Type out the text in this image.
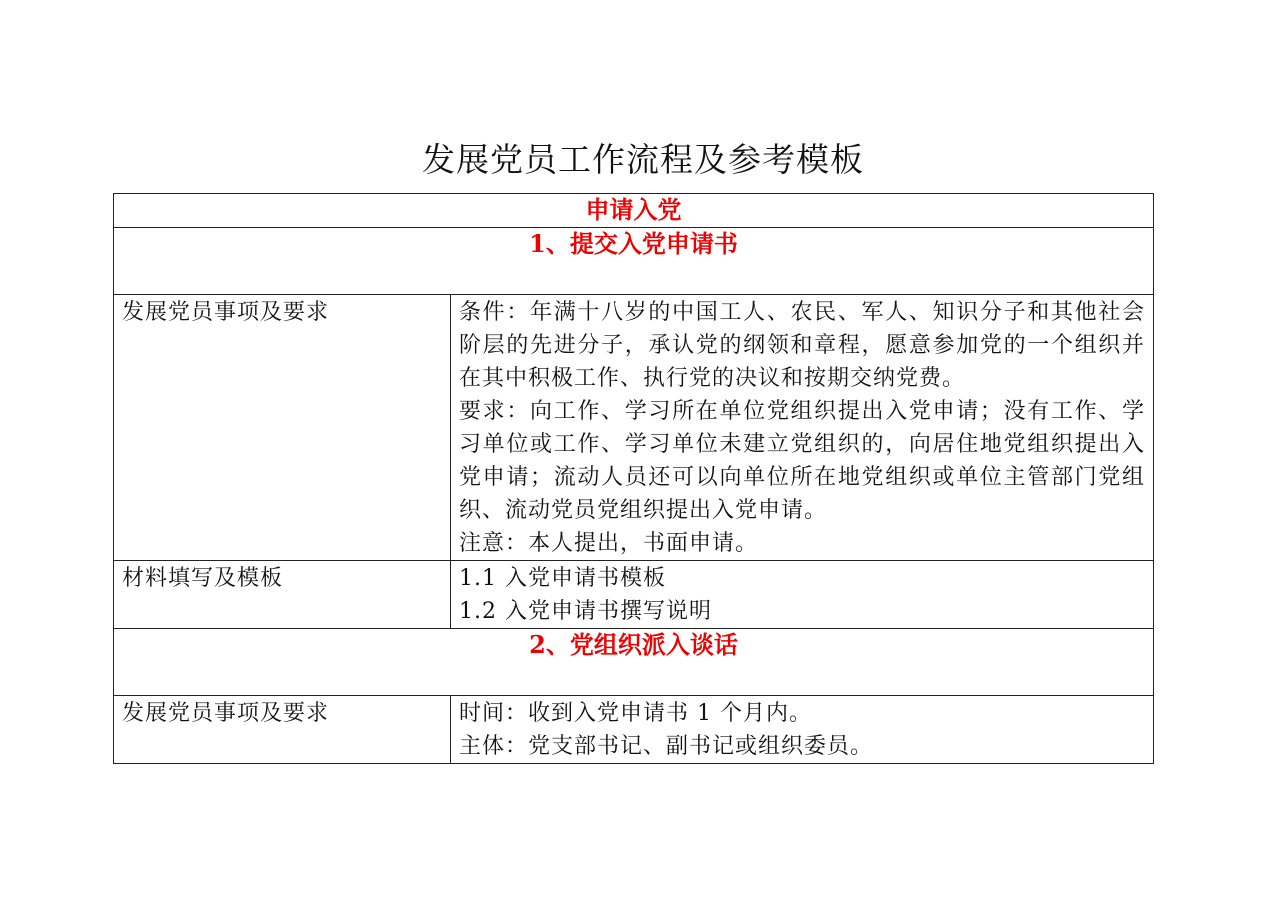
发展党员工作流程及参考模板
申请入党	

1、提交入党申请书	

发展党员事项及要求	条件：年满十八岁的中国工人、农民、军人、知识分子和其他社会阶层的先进分子，承认党的纲领和章程，愿意参加党的一个组织并在其中积极工作、执行党的决议和按期交纳党费。
要求：向工作、学习所在单位党组织提出入党申请；没有工作、学习单位或工作、学习单位未建立党组织的，向居住地党组织提出入党申请；流动人员还可以向单位所在地党组织或单位主管部门党组织、流动党员党组织提出入党申请。
注意：本人提出，书面申请。

材料填写及模板	1.1 入党申请书模板
1.2 入党申请书撰写说明

2、党组织派入谈话	

发展党员事项及要求	时间：收到入党申请书 1 个月内。
主体：党支部书记、副书记或组织委员。
